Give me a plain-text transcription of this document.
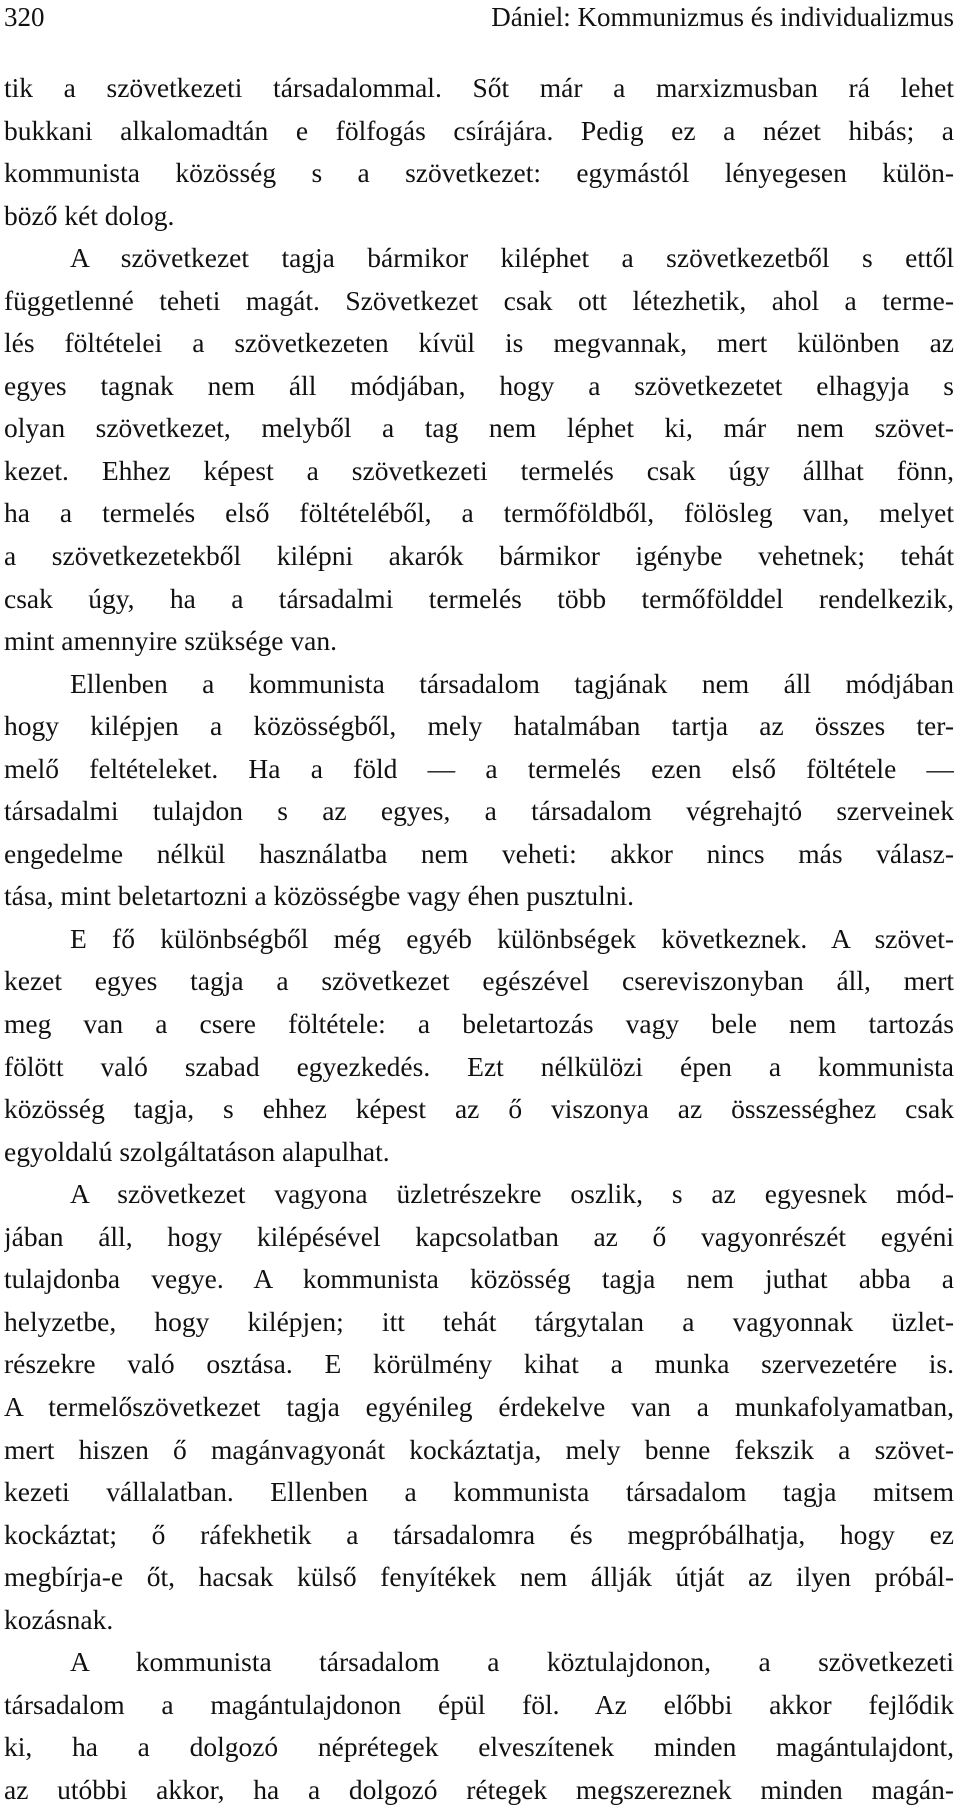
320	Dániel: Kommunizmus és individualizmus
tik a szövetkezeti társadalommal. Sőt már a marxizmusban rá lehet
bukkani alkalomadtán e fölfogás csírájára. Pedig ez a nézet hibás; a
kommunista közösség s a szövetkezet: egymástól lényegesen külön-
böző két dolog.
A szövetkezet tagja bármikor kiléphet a szövetkezetből s ettől
függetlenné teheti magát. Szövetkezet csak ott létezhetik, ahol a terme-
lés föltételei a szövetkezeten kívül is megvannak, mert különben az
egyes tagnak nem áll módjában, hogy a szövetkezetet elhagyja s
olyan szövetkezet, melyből a tag nem léphet ki, már nem szövet-
kezet. Ehhez képest a szövetkezeti termelés csak úgy állhat fönn,
ha a termelés első föltételéből, a termőföldből, fölösleg van, melyet
a szövetkezetekből kilépni akarók bármikor igénybe vehetnek; tehát
csak úgy, ha a társadalmi termelés több termőfölddel rendelkezik,
mint amennyire szüksége van.
Ellenben a kommunista társadalom tagjának nem áll módjában
hogy kilépjen a közösségből, mely hatalmában tartja az összes ter-
melő feltételeket. Ha a föld — a termelés ezen első föltétele —
társadalmi tulajdon s az egyes, a társadalom végrehajtó szerveinek
engedelme nélkül használatba nem veheti: akkor nincs más válasz-
tása, mint beletartozni a közösségbe vagy éhen pusztulni.
E fő különbségből még egyéb különbségek következnek. A szövet-
kezet egyes tagja a szövetkezet egészével csereviszonyban áll, mert
meg van a csere föltétele: a beletartozás vagy bele nem tartozás
fölött való szabad egyezkedés. Ezt nélkülözi épen a kommunista
közösség tagja, s ehhez képest az ő viszonya az összességhez csak
egyoldalú szolgáltatáson alapulhat.
A szövetkezet vagyona üzletrészekre oszlik, s az egyesnek mód-
jában áll, hogy kilépésével kapcsolatban az ő vagyonrészét egyéni
tulajdonba vegye. A kommunista közösség tagja nem juthat abba a
helyzetbe, hogy kilépjen; itt tehát tárgytalan a vagyonnak üzlet-
részekre való osztása. E körülmény kihat a munka szervezetére is.
A termelőszövetkezet tagja egyénileg érdekelve van a munkafolyamatban,
mert hiszen ő magánvagyonát kockáztatja, mely benne fekszik a szövet-
kezeti vállalatban. Ellenben a kommunista társadalom tagja mitsem
kockáztat; ő ráfekhetik a társadalomra és megpróbálhatja, hogy ez
megbírja-e őt, hacsak külső fenyítékek nem állják útját az ilyen próbál-
kozásnak.
A kommunista társadalom a köztulajdonon, a szövetkezeti
társadalom a magántulajdonon épül föl. Az előbbi akkor fejlődik
ki, ha a dolgozó néprétegek elveszítenek minden magántulajdont,
az utóbbi akkor, ha a dolgozó rétegek megszereznek minden magán-
